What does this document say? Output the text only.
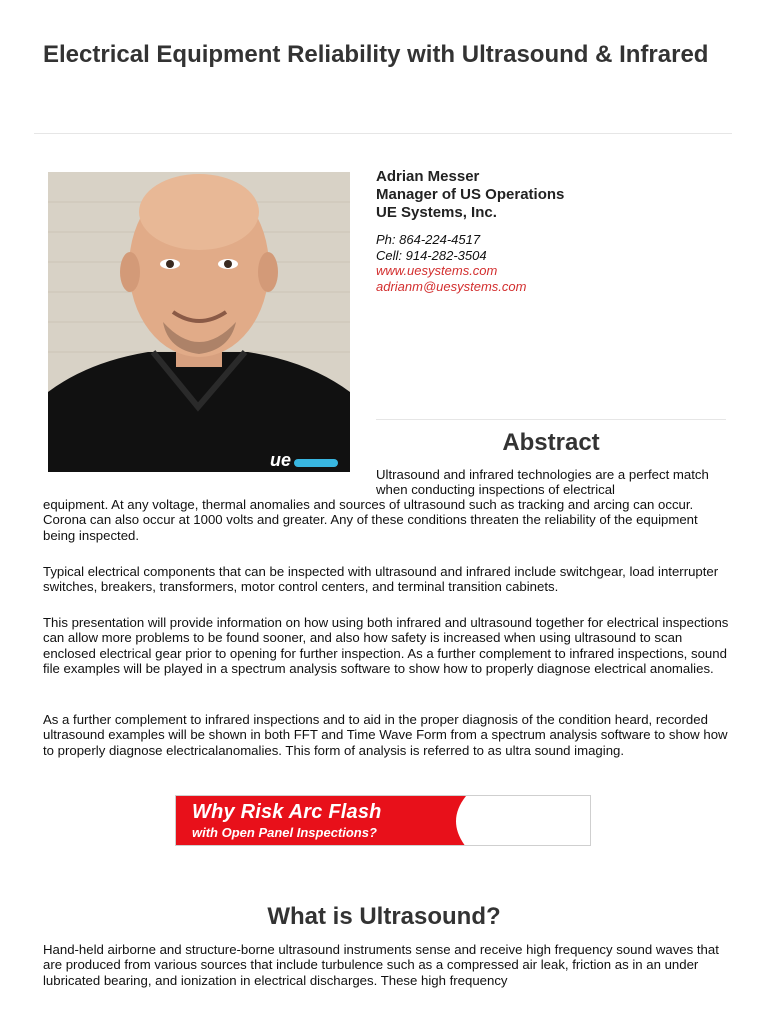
Electrical Equipment Reliability with Ultrasound & Infrared
ue
Adrian Messer
Manager of US Operations
UE Systems, Inc.
Ph: 864-224-4517
Cell: 914-282-3504
www.uesystems.com
adrianm@uesystems.com
Abstract
Ultrasound and infrared technologies are a perfect match when conducting inspections of electrical
equipment. At any voltage, thermal anomalies and sources of ultrasound such as tracking and arcing can occur. Corona can also occur at 1000 volts and greater. Any of these conditions threaten the reliability of the equipment being inspected.

Typical electrical components that can be inspected with ultrasound and infrared include switchgear, load interrupter switches, breakers, transformers, motor control centers, and terminal transition cabinets.

This presentation will provide information on how using both infrared and ultrasound together for electrical inspections can allow more problems to be found sooner, and also how safety is increased when using ultrasound to scan enclosed electrical gear prior to opening for further inspection. As a further complement to infrared inspections, sound file examples will be played in a spectrum analysis software to show how to properly diagnose electrical anomalies.

As a further complement to infrared inspections and to aid in the proper diagnosis of the condition heard, recorded ultrasound examples will be shown in both FFT and Time Wave Form from a spectrum analysis software to show how to properly diagnose electricalanomalies. This form of analysis is referred to as ultra sound imaging.

Why Risk Arc Flash
with Open Panel Inspections?
What is Ultrasound?

Hand-held airborne and structure-borne ultrasound instruments sense and receive high frequency sound waves that are produced from various sources that include turbulence such as a compressed air leak, friction as in an under lubricated bearing, and ionization in electrical discharges. These high frequency
